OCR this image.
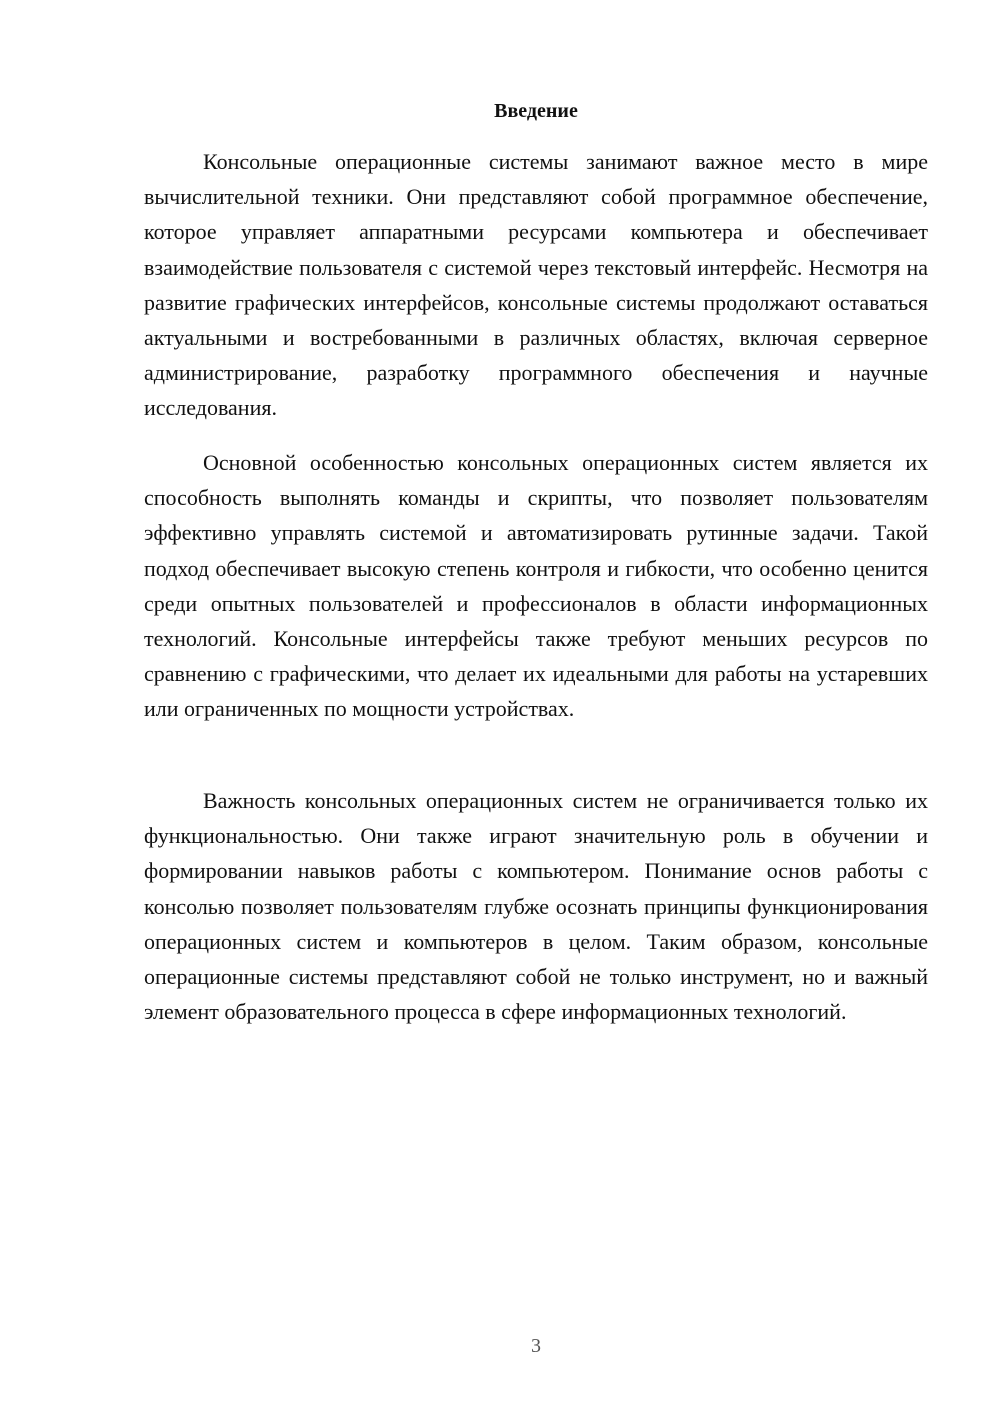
Введение

Консольные операционные системы занимают важное место в мире вычислительной техники. Они представляют собой программное обеспечение, которое управляет аппаратными ресурсами компьютера и обеспечивает взаимодействие пользователя с системой через текстовый интерфейс. Несмотря на развитие графических интерфейсов, консольные системы продолжают оставаться актуальными и востребованными в различных областях, включая серверное администрирование, разработку программного обеспечения и научные исследования.

Основной особенностью консольных операционных систем является их способность выполнять команды и скрипты, что позволяет пользователям эффективно управлять системой и автоматизировать рутинные задачи. Такой подход обеспечивает высокую степень контроля и гибкости, что особенно ценится среди опытных пользователей и профессионалов в области информационных технологий. Консольные интерфейсы также требуют меньших ресурсов по сравнению с графическими, что делает их идеальными для работы на устаревших или ограниченных по мощности устройствах.

Важность консольных операционных систем не ограничивается только их функциональностью. Они также играют значительную роль в обучении и формировании навыков работы с компьютером. Понимание основ работы с консолью позволяет пользователям глубже осознать принципы функционирования операционных систем и компьютеров в целом. Таким образом, консольные операционные системы представляют собой не только инструмент, но и важный элемент образовательного процесса в сфере информационных технологий.

3
